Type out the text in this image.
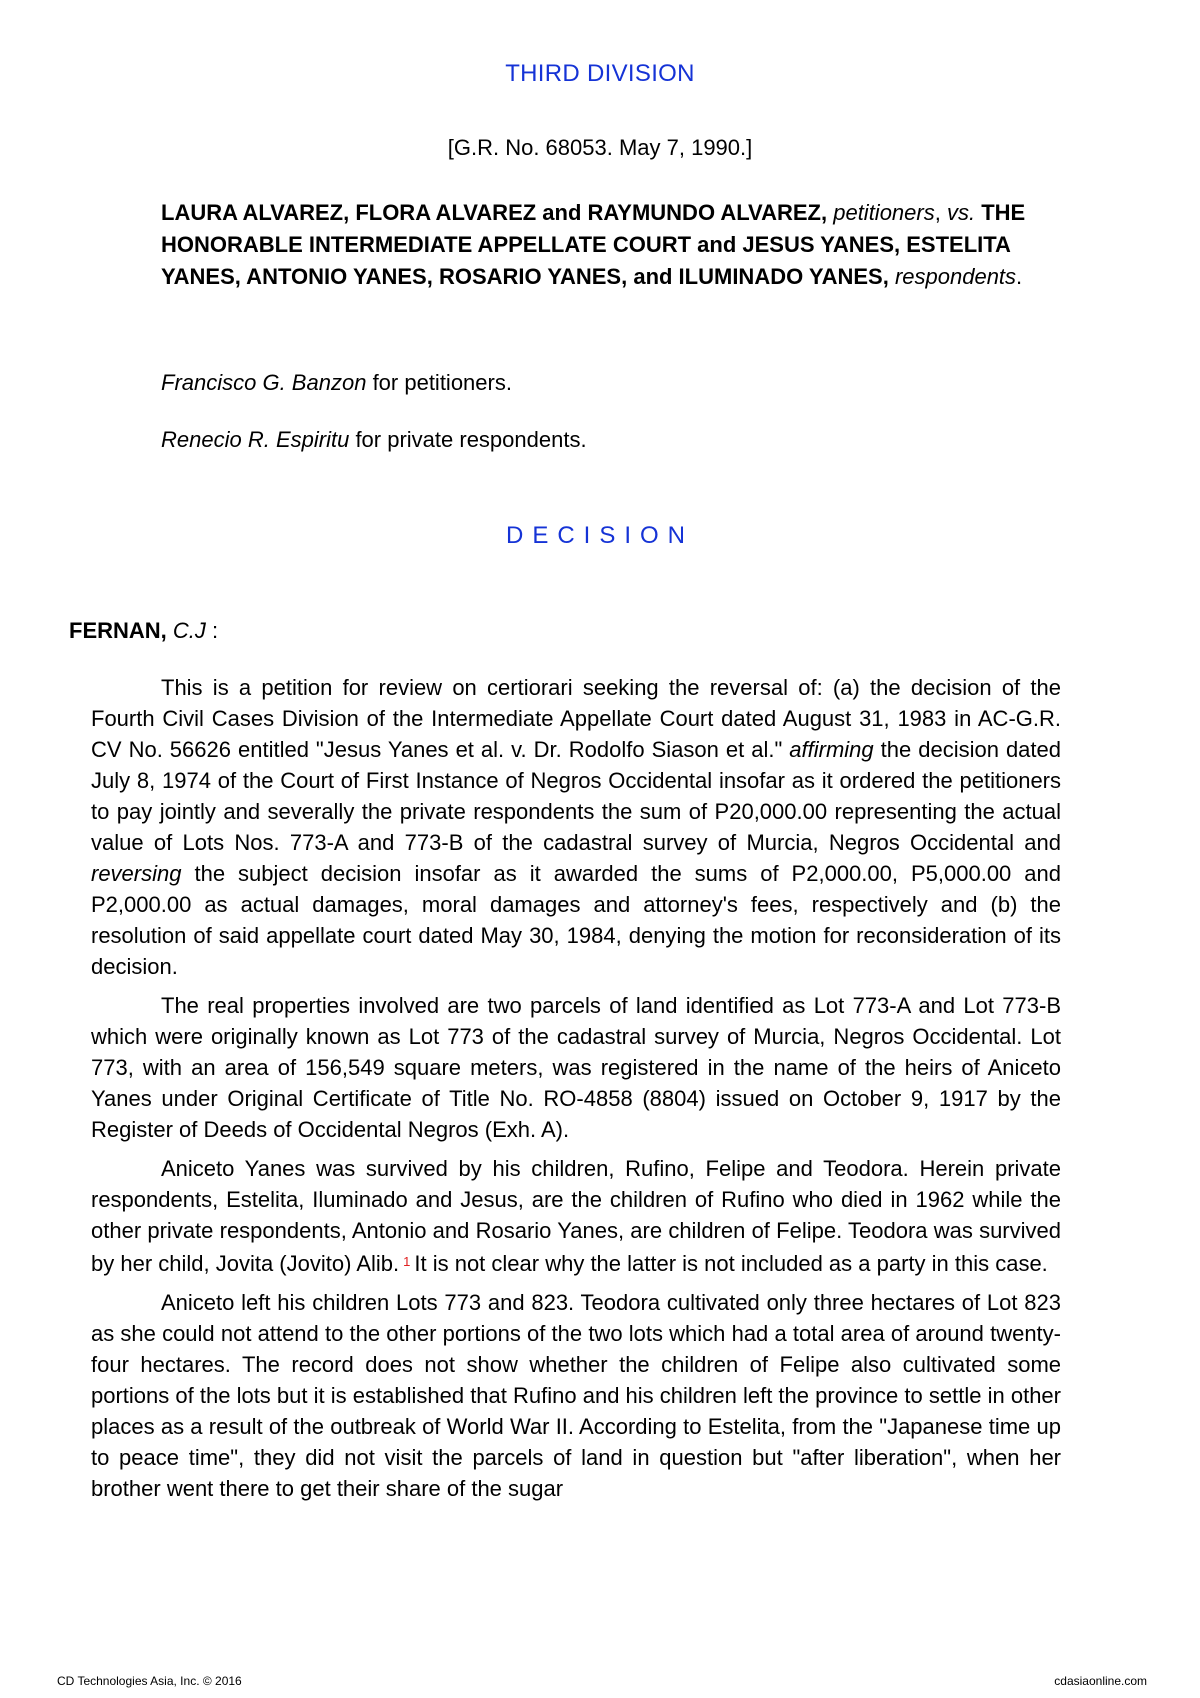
THIRD DIVISION
[G.R. No. 68053. May 7, 1990.]
LAURA ALVAREZ, FLORA ALVAREZ and RAYMUNDO ALVAREZ, petitioners, vs. THE HONORABLE INTERMEDIATE APPELLATE COURT and JESUS YANES, ESTELITA YANES, ANTONIO YANES, ROSARIO YANES, and ILUMINADO YANES, respondents.
Francisco G. Banzon for petitioners.
Renecio R. Espiritu for private respondents.
DECISION
FERNAN, C.J :

This is a petition for review on certiorari seeking the reversal of: (a) the decision of the Fourth Civil Cases Division of the Intermediate Appellate Court dated August 31, 1983 in AC-G.R. CV No. 56626 entitled "Jesus Yanes et al. v. Dr. Rodolfo Siason et al." affirming the decision dated July 8, 1974 of the Court of First Instance of Negros Occidental insofar as it ordered the petitioners to pay jointly and severally the private respondents the sum of P20,000.00 representing the actual value of Lots Nos. 773-A and 773-B of the cadastral survey of Murcia, Negros Occidental and reversing the subject decision insofar as it awarded the sums of P2,000.00, P5,000.00 and P2,000.00 as actual damages, moral damages and attorney's fees, respectively and (b) the resolution of said appellate court dated May 30, 1984, denying the motion for reconsideration of its decision.

The real properties involved are two parcels of land identified as Lot 773-A and Lot 773-B which were originally known as Lot 773 of the cadastral survey of Murcia, Negros Occidental. Lot 773, with an area of 156,549 square meters, was registered in the name of the heirs of Aniceto Yanes under Original Certificate of Title No. RO-4858 (8804) issued on October 9, 1917 by the Register of Deeds of Occidental Negros (Exh. A).

Aniceto Yanes was survived by his children, Rufino, Felipe and Teodora. Herein private respondents, Estelita, Iluminado and Jesus, are the children of Rufino who died in 1962 while the other private respondents, Antonio and Rosario Yanes, are children of Felipe. Teodora was survived by her child, Jovita (Jovito) Alib. $^1$ It is not clear why the latter is not included as a party in this case.

Aniceto left his children Lots 773 and 823. Teodora cultivated only three hectares of Lot 823 as she could not attend to the other portions of the two lots which had a total area of around twenty-four hectares. The record does not show whether the children of Felipe also cultivated some portions of the lots but it is established that Rufino and his children left the province to settle in other places as a result of the outbreak of World War II. According to Estelita, from the "Japanese time up to peace time", they did not visit the parcels of land in question but "after liberation", when her brother went there to get their share of the sugar

CD Technologies Asia, Inc. © 2016	cdasiaonline.com
